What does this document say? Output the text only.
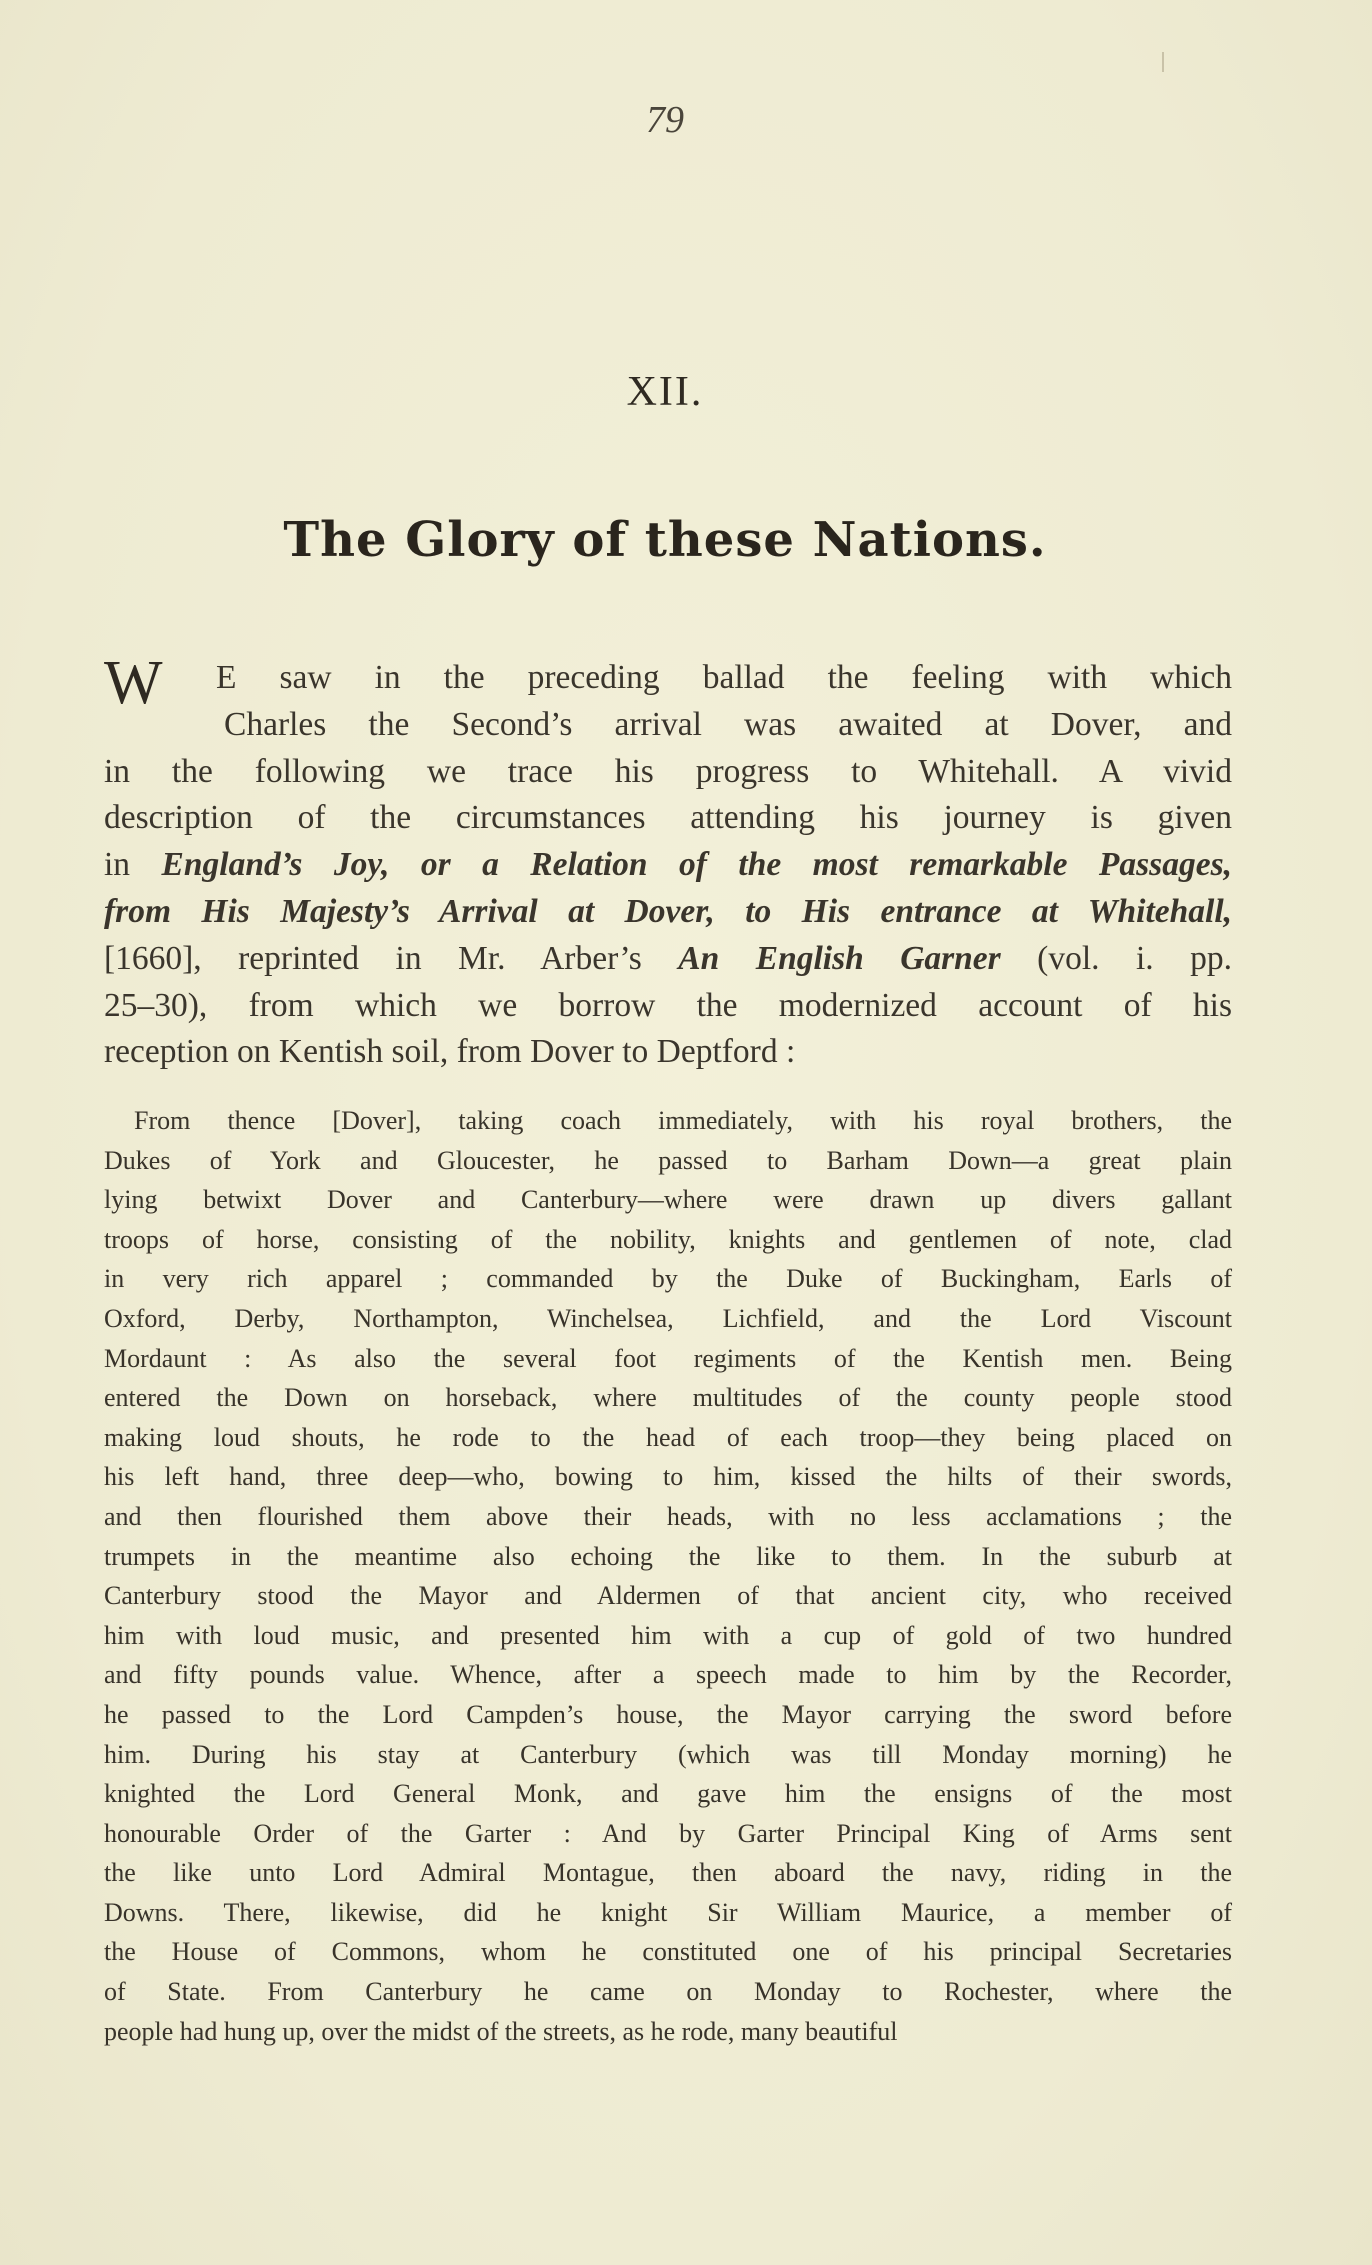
79
XII.
The Glory of these Nations.
W	E saw in the preceding ballad the feeling with which
Charles the Second’s arrival was awaited at Dover, and
in the following we trace his progress to Whitehall. A vivid
description of the circumstances attending his journey is given
in England’s Joy, or a Relation of the most remarkable Passages,
from His Majesty’s Arrival at Dover, to His entrance at Whitehall,
[1660], reprinted in Mr. Arber’s An English Garner (vol. i. pp.
25–30), from which we borrow the modernized account of his
reception on Kentish soil, from Dover to Deptford :
From thence [Dover], taking coach immediately, with his royal brothers, the
Dukes of York and Gloucester, he passed to Barham Down—a great plain
lying betwixt Dover and Canterbury—where were drawn up divers gallant
troops of horse, consisting of the nobility, knights and gentlemen of note, clad
in very rich apparel ; commanded by the Duke of Buckingham, Earls of
Oxford, Derby, Northampton, Winchelsea, Lichfield, and the Lord Viscount
Mordaunt : As also the several foot regiments of the Kentish men. Being
entered the Down on horseback, where multitudes of the county people stood
making loud shouts, he rode to the head of each troop—they being placed on
his left hand, three deep—who, bowing to him, kissed the hilts of their swords,
and then flourished them above their heads, with no less acclamations ; the
trumpets in the meantime also echoing the like to them. In the suburb at
Canterbury stood the Mayor and Aldermen of that ancient city, who received
him with loud music, and presented him with a cup of gold of two hundred
and fifty pounds value. Whence, after a speech made to him by the Recorder,
he passed to the Lord Campden’s house, the Mayor carrying the sword before
him. During his stay at Canterbury (which was till Monday morning) he
knighted the Lord General Monk, and gave him the ensigns of the most
honourable Order of the Garter : And by Garter Principal King of Arms sent
the like unto Lord Admiral Montague, then aboard the navy, riding in the
Downs. There, likewise, did he knight Sir William Maurice, a member of
the House of Commons, whom he constituted one of his principal Secretaries
of State. From Canterbury he came on Monday to Rochester, where the
people had hung up, over the midst of the streets, as he rode, many beautiful
